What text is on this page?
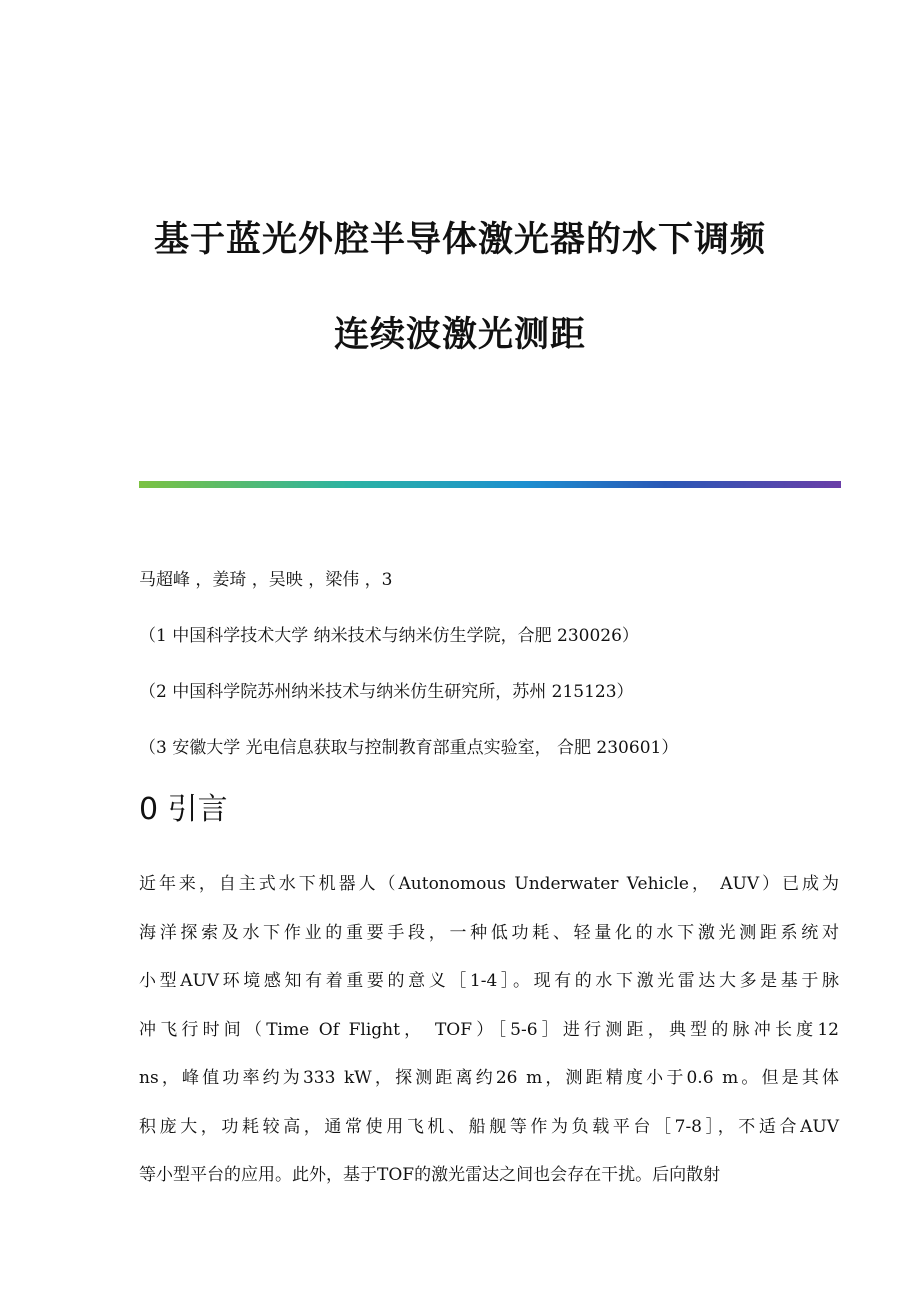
基于蓝光外腔半导体激光器的水下调频
连续波激光测距
马超峰 ，姜琦 ，吴映 ，梁伟 ，3
（1 中国科学技术大学 纳米技术与纳米仿生学院，合肥 230026）
（2 中国科学院苏州纳米技术与纳米仿生研究所，苏州 215123）
（3 安徽大学 光电信息获取与控制教育部重点实验室， 合肥 230601）
0 引言
近年来，自主式水下机器人（Autonomous Underwater Vehicle， AUV）已成为
海洋探索及水下作业的重要手段，一种低功耗、轻量化的水下激光测距系统对
小型AUV环境感知有着重要的意义［1-4］。现有的水下激光雷达大多是基于脉
冲飞行时间（Time Of Flight， TOF）［5-6］进行测距，典型的脉冲长度12
ns，峰值功率约为333 kW，探测距离约26 m，测距精度小于0.6 m。但是其体
积庞大，功耗较高，通常使用飞机、船舰等作为负载平台［7-8］，不适合AUV
等小型平台的应用。此外，基于TOF的激光雷达之间也会存在干扰。后向散射
